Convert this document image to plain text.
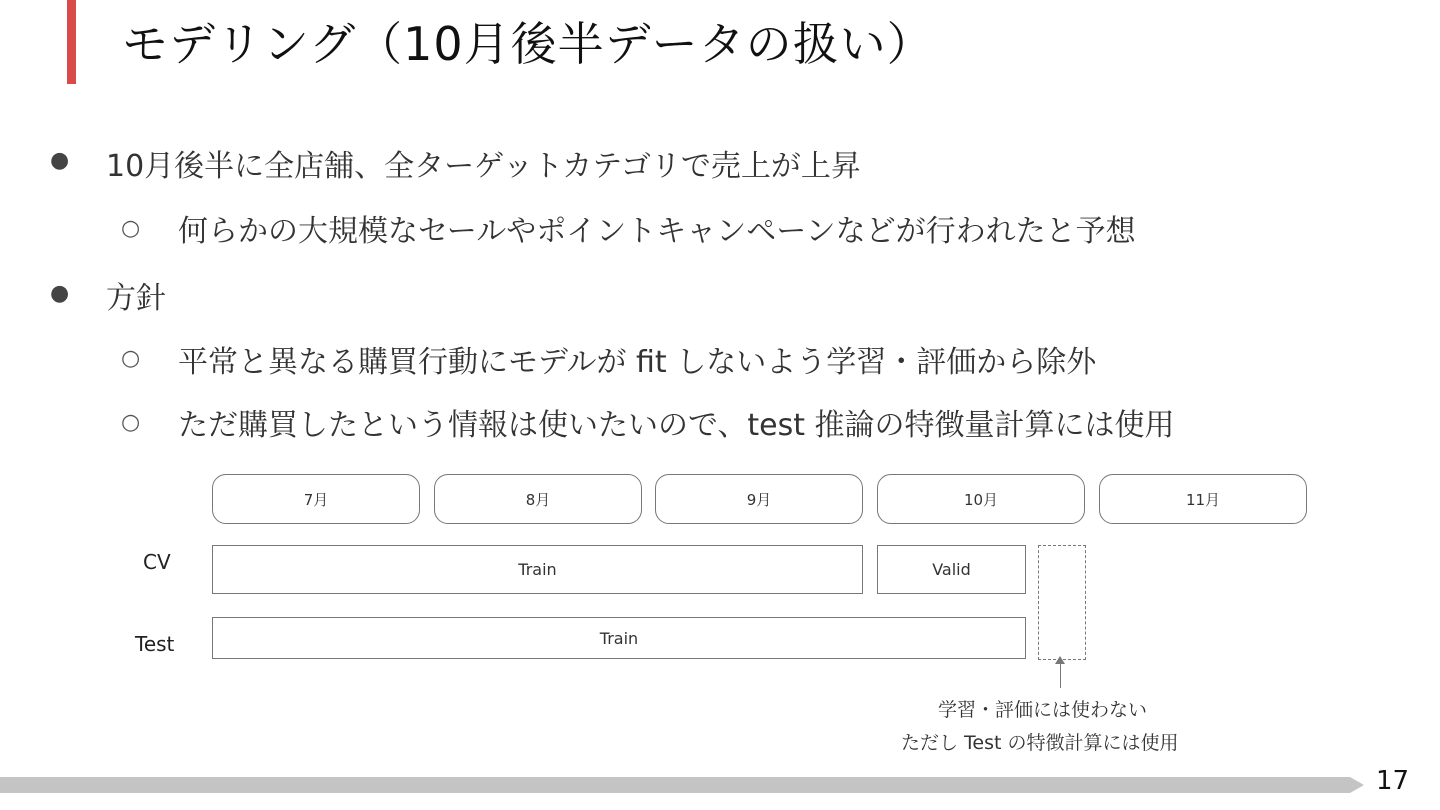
モデリング（10月後半データの扱い）
● 10月後半に全店舗、全ターゲットカテゴリで売上が上昇
○ 何らかの大規模なセールやポイントキャンペーンなどが行われたと予想
● 方針
○ 平常と異なる購買行動にモデルが fit しないよう学習・評価から除外
○ ただ購買したという情報は使いたいので、test 推論の特徴量計算には使用
7月	8月	9月	10月	11月
CV	Train	Valid
Test	Train
学習・評価には使わない
ただし Test の特徴計算には使用
17
